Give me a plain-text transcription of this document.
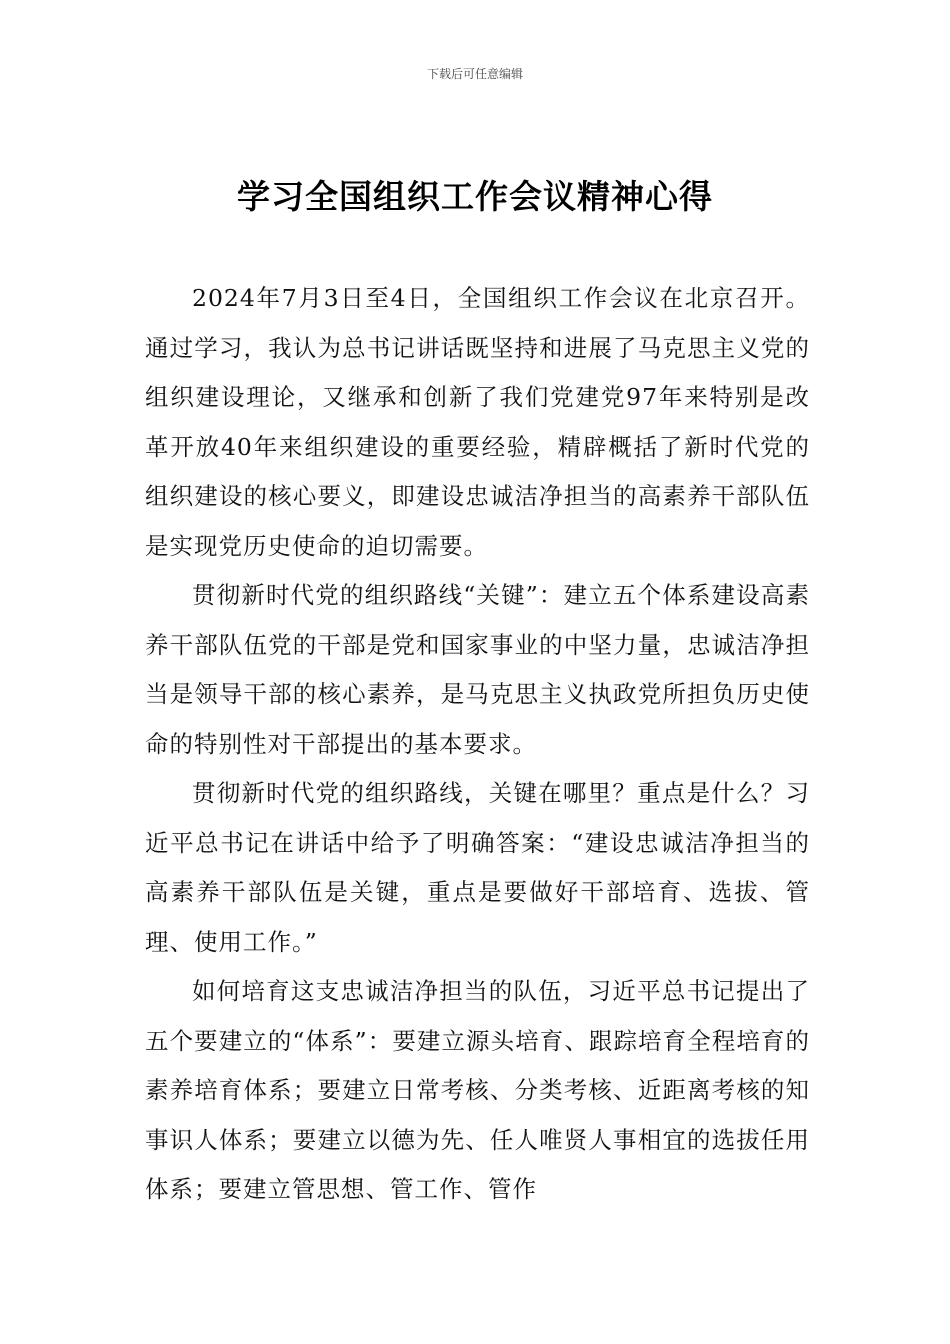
下载后可任意编辑
学习全国组织工作会议精神心得

2024年7月3日至4日，全国组织工作会议在北京召开。通过学习，我认为总书记讲话既坚持和进展了马克思主义党的组织建设理论，又继承和创新了我们党建党97年来特别是改革开放40年来组织建设的重要经验，精辟概括了新时代党的组织建设的核心要义，即建设忠诚洁净担当的高素养干部队伍是实现党历史使命的迫切需要。

贯彻新时代党的组织路线“关键”：建立五个体系建设高素养干部队伍党的干部是党和国家事业的中坚力量，忠诚洁净担当是领导干部的核心素养，是马克思主义执政党所担负历史使命的特别性对干部提出的基本要求。

贯彻新时代党的组织路线，关键在哪里？重点是什么？习近平总书记在讲话中给予了明确答案：“建设忠诚洁净担当的高素养干部队伍是关键，重点是要做好干部培育、选拔、管理、使用工作。”

如何培育这支忠诚洁净担当的队伍，习近平总书记提出了五个要建立的“体系”：要建立源头培育、跟踪培育全程培育的素养培育体系；要建立日常考核、分类考核、近距离考核的知事识人体系；要建立以德为先、任人唯贤人事相宜的选拔任用体系；要建立管思想、管工作、管作
